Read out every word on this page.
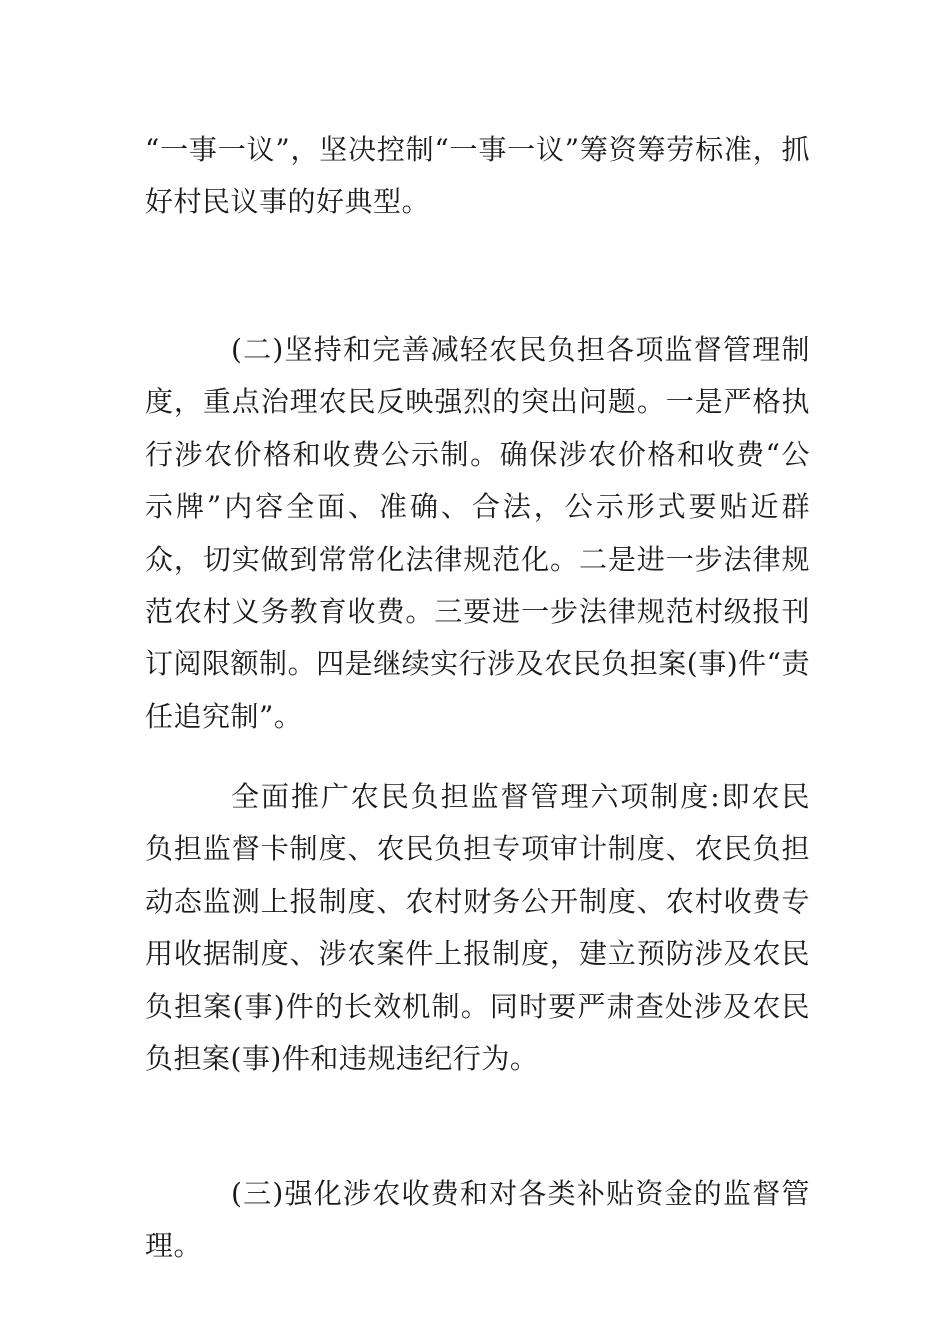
“一事一议”，坚决控制“一事一议”筹资筹劳标准，抓好村民议事的好典型。

(二)坚持和完善减轻农民负担各项监督管理制度，重点治理农民反映强烈的突出问题。一是严格执行涉农价格和收费公示制。确保涉农价格和收费“公示牌”内容全面、准确、合法，公示形式要贴近群众，切实做到常常化法律规范化。二是进一步法律规范农村义务教育收费。三要进一步法律规范村级报刊订阅限额制。四是继续实行涉及农民负担案(事)件“责任追究制”。

全面推广农民负担监督管理六项制度:即农民负担监督卡制度、农民负担专项审计制度、农民负担动态监测上报制度、农村财务公开制度、农村收费专用收据制度、涉农案件上报制度，建立预防涉及农民负担案(事)件的长效机制。同时要严肃查处涉及农民负担案(事)件和违规违纪行为。

(三)强化涉农收费和对各类补贴资金的监督管理。
